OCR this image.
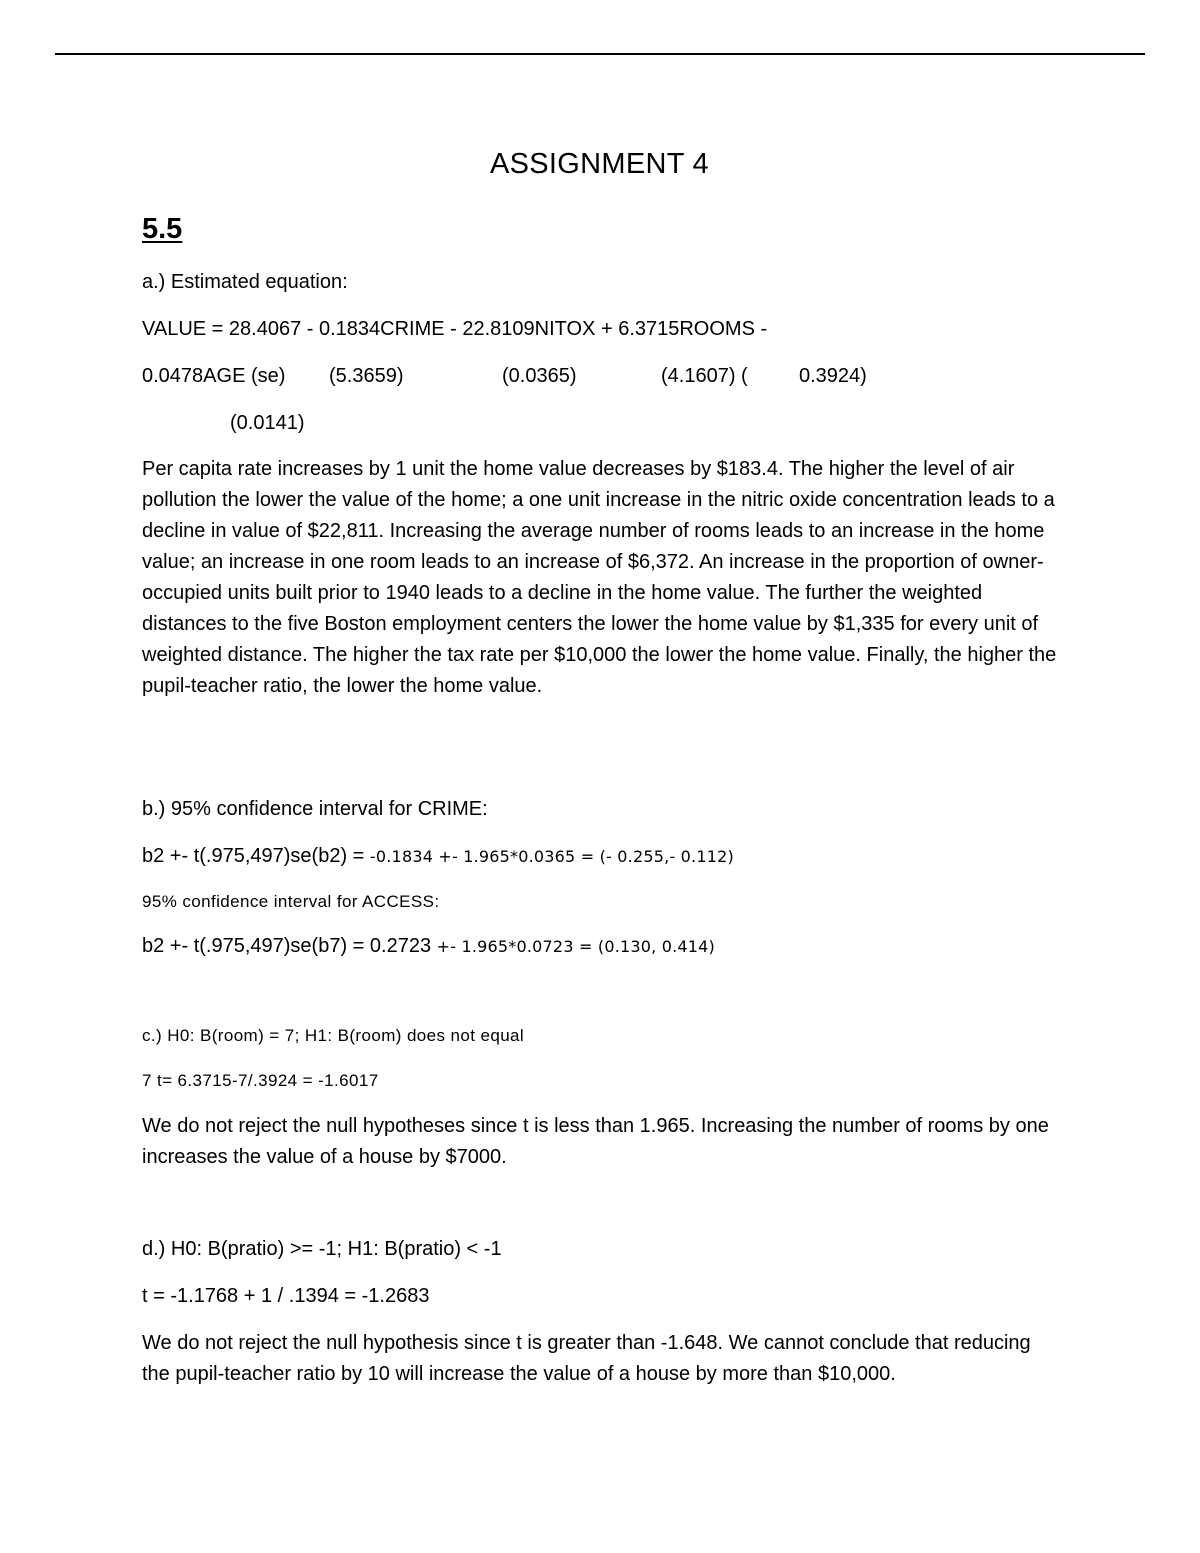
ASSIGNMENT 4
5.5
a.) Estimated equation:
VALUE = 28.4067 - 0.1834CRIME - 22.8109NITOX + 6.3715ROOMS -
0.0478AGE (se) (5.3659)	(0.0365)	(4.1607) (	0.3924)
(0.0141)
Per capita rate increases by 1 unit the home value decreases by $183.4. The higher the level of air pollution the lower the value of the home; a one unit increase in the nitric oxide concentration leads to a decline in value of $22,811. Increasing the average number of rooms leads to an increase in the home value; an increase in one room leads to an increase of $6,372. An increase in the proportion of owner-occupied units built prior to 1940 leads to a decline in the home value. The further the weighted distances to the five Boston employment centers the lower the home value by $1,335 for every unit of weighted distance. The higher the tax rate per $10,000 the lower the home value. Finally, the higher the pupil-teacher ratio, the lower the home value.
b.) 95% confidence interval for CRIME:
b2 +- t(.975,497)se(b2) = -0.1834 +- 1.965*0.0365 = (- 0.255,- 0.112)
95% confidence interval for ACCESS:
b2 +- t(.975,497)se(b7) = 0.2723 +- 1.965*0.0723 = (0.130, 0.414)
c.) H0: B(room) = 7; H1: B(room) does not equal
7 t= 6.3715-7/.3924 = -1.6017
We do not reject the null hypotheses since t is less than 1.965. Increasing the number of rooms by one increases the value of a house by $7000.
d.) H0: B(pratio) >= -1; H1: B(pratio) < -1
t = -1.1768 + 1 / .1394 = -1.2683
We do not reject the null hypothesis since t is greater than -1.648. We cannot conclude that reducing the pupil-teacher ratio by 10 will increase the value of a house by more than $10,000.
